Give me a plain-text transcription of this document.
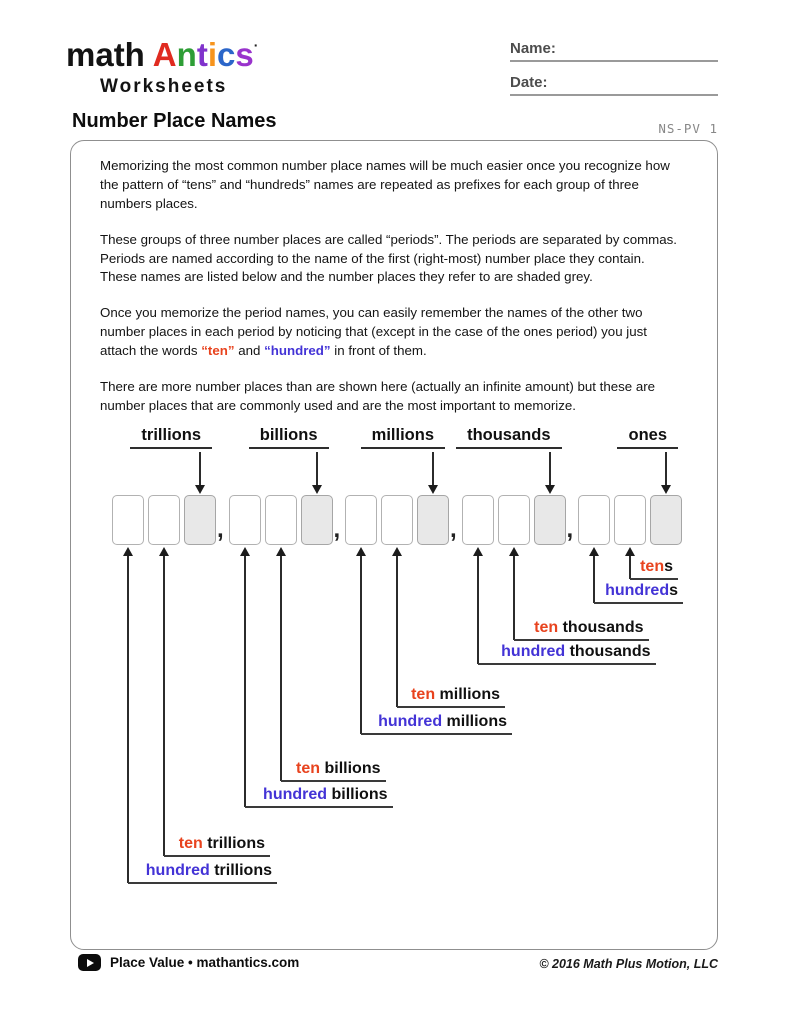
math Antics·
Worksheets
Name:
Date:
Number Place Names	NS-PV 1

Memorizing the most common number place names will be much easier once you recognize how the pattern of “tens” and “hundreds” names are repeated as prefixes for each group of three numbers places.

These groups of three number places are called “periods”. The periods are separated by commas. Periods are named according to the name of the first (right-most) number place they contain. These names are listed below and the number places they refer to are shaded grey.

Once you memorize the period names, you can easily remember the names of the other two number places in each period by noticing that (except in the case of the ones period) you just attach the words “ten” and “hundred” in front of them.

There are more number places than are shown here (actually an infinite amount) but these are number places that are commonly used and are the most important to memorize.

,
trillions
ten trillions
hundred trillions
,
billions
ten billions
hundred billions
,
millions
ten millions
hundred millions
,
thousands
ten thousands
hundred thousands
ones
tens
hundreds
Place Value • mathantics.com	© 2016 Math Plus Motion, LLC
